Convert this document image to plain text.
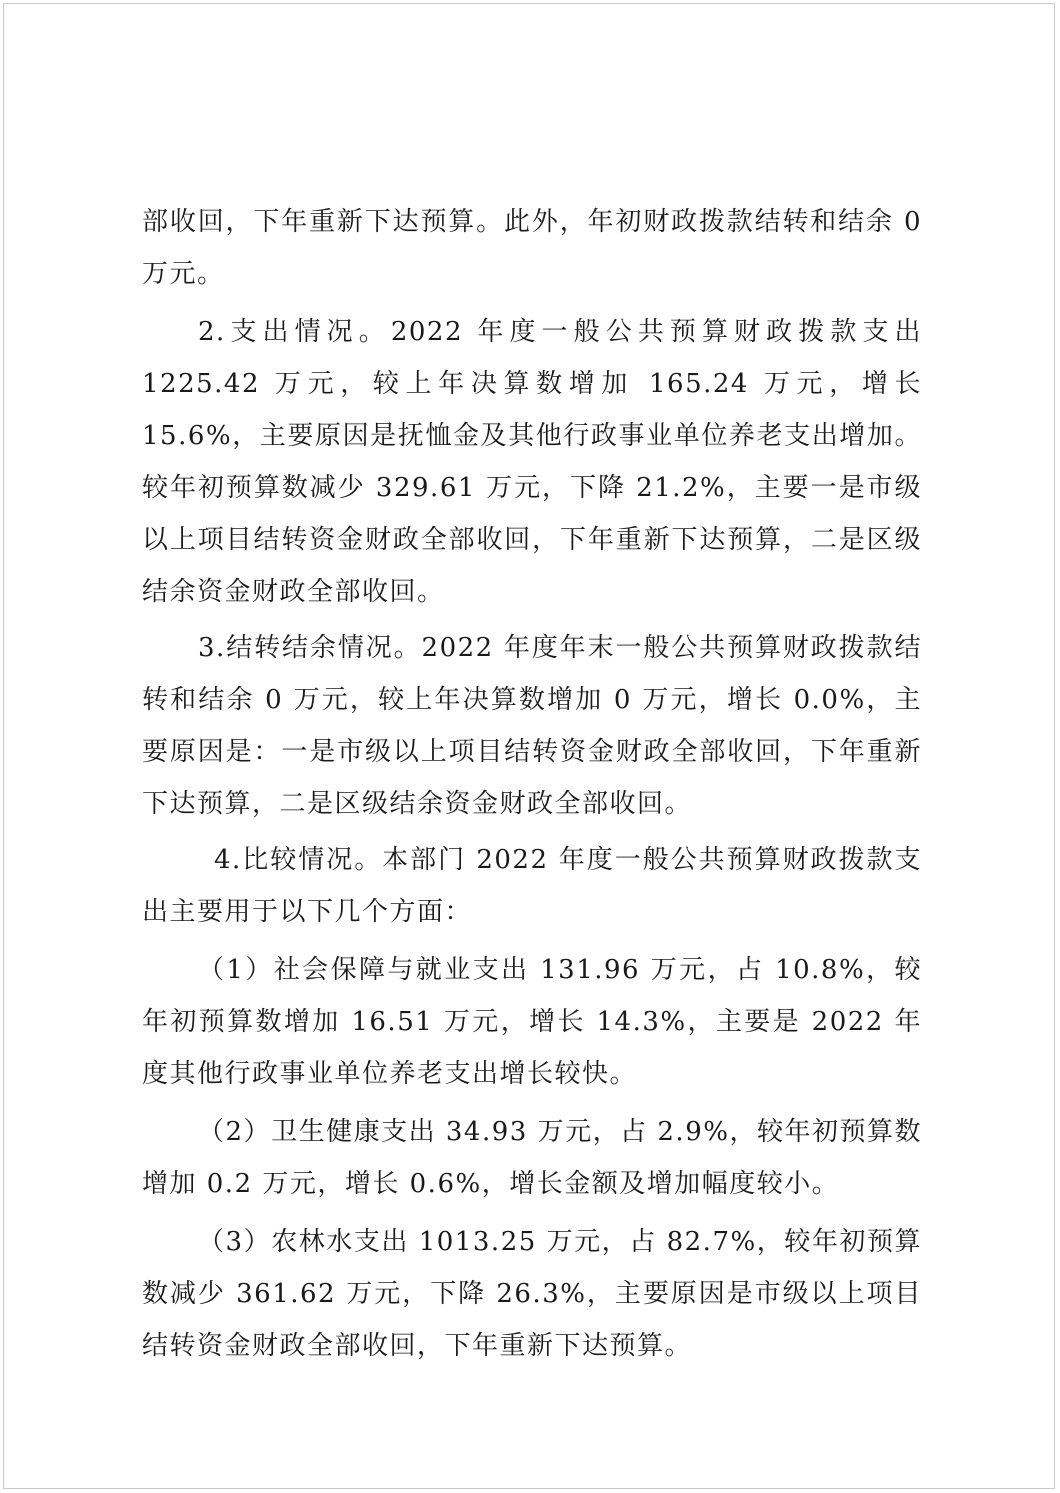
部收回，下年重新下达预算。此外，年初财政拨款结转和结余 0 万元。

2.支出情况。2022 年度一般公共预算财政拨款支出 1225.42 万元，较上年决算数增加 165.24 万元，增长 15.6%，主要原因是抚恤金及其他行政事业单位养老支出增加。较年初预算数减少 329.61 万元，下降 21.2%，主要一是市级以上项目结转资金财政全部收回，下年重新下达预算，二是区级结余资金财政全部收回。

3.结转结余情况。2022 年度年末一般公共预算财政拨款结转和结余 0 万元，较上年决算数增加 0 万元，增长 0.0%，主要原因是：一是市级以上项目结转资金财政全部收回，下年重新下达预算，二是区级结余资金财政全部收回。

4.比较情况。本部门 2022 年度一般公共预算财政拨款支出主要用于以下几个方面：

（1）社会保障与就业支出 131.96 万元，占 10.8%，较年初预算数增加 16.51 万元，增长 14.3%，主要是 2022 年度其他行政事业单位养老支出增长较快。

（2）卫生健康支出 34.93 万元，占 2.9%，较年初预算数增加 0.2 万元，增长 0.6%，增长金额及增加幅度较小。

（3）农林水支出 1013.25 万元，占 82.7%，较年初预算数减少 361.62 万元，下降 26.3%，主要原因是市级以上项目结转资金财政全部收回，下年重新下达预算。
